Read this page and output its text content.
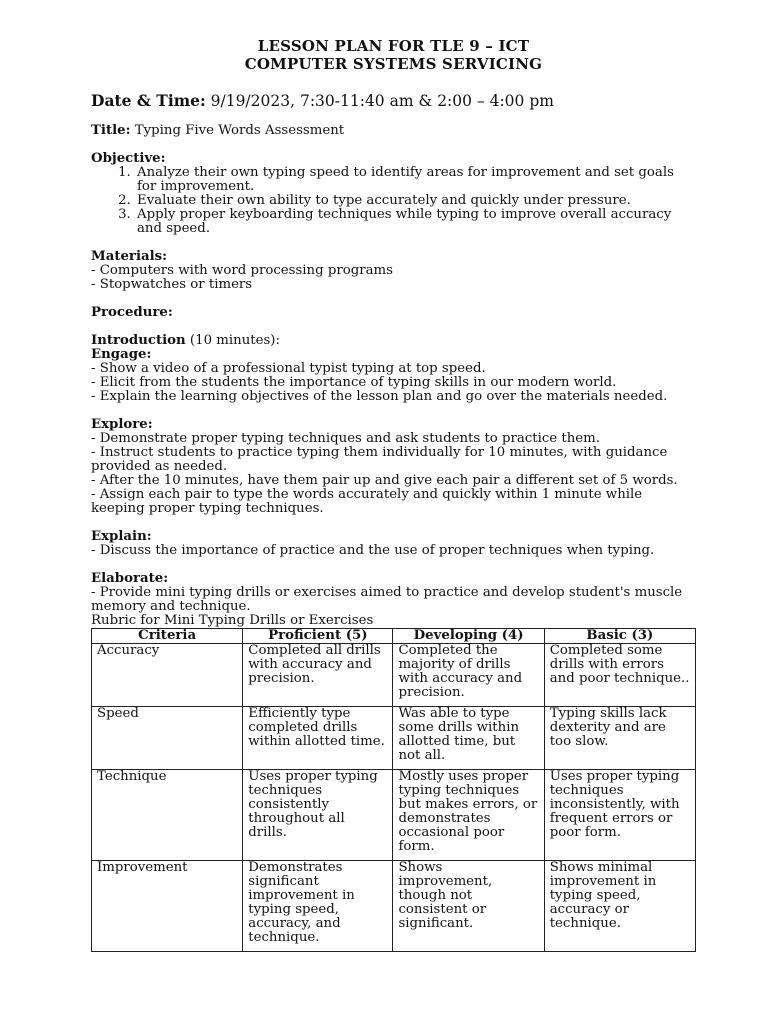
LESSON PLAN FOR TLE 9 – ICT
COMPUTER SYSTEMS SERVICING
Date & Time: 9/19/2023, 7:30-11:40 am & 2:00 – 4:00 pm

Title: Typing Five Words Assessment

Objective:

1. Analyze their own typing speed to identify areas for improvement and set goals for improvement.
2. Evaluate their own ability to type accurately and quickly under pressure.
3. Apply proper keyboarding techniques while typing to improve overall accuracy and speed.

Materials:

- Computers with word processing programs

- Stopwatches or timers

Procedure:

Introduction (10 minutes):

Engage:

- Show a video of a professional typist typing at top speed.

- Elicit from the students the importance of typing skills in our modern world.

- Explain the learning objectives of the lesson plan and go over the materials needed.

Explore:

- Demonstrate proper typing techniques and ask students to practice them.

- Instruct students to practice typing them individually for 10 minutes, with guidance provided as needed.

- After the 10 minutes, have them pair up and give each pair a different set of 5 words.

- Assign each pair to type the words accurately and quickly within 1 minute while keeping proper typing techniques.

Explain:

- Discuss the importance of practice and the use of proper techniques when typing.

Elaborate:

- Provide mini typing drills or exercises aimed to practice and develop student's muscle memory and technique.

Rubric for Mini Typing Drills or Exercises

Criteria	Proficient (5)	Developing (4)	Basic (3)
Accuracy	Completed all drills with accuracy and precision.	Completed the majority of drills with accuracy and precision.	Completed some drills with errors and poor technique..
Speed	Efficiently type completed drills within allotted time.	Was able to type some drills within allotted time, but not all.	Typing skills lack dexterity and are too slow.
Technique	Uses proper typing techniques consistently throughout all drills.	Mostly uses proper typing techniques but makes errors, or demonstrates occasional poor form.	Uses proper typing techniques inconsistently, with frequent errors or poor form.
Improvement	Demonstrates significant improvement in typing speed, accuracy, and technique.	Shows improvement, though not consistent or significant.	Shows minimal improvement in typing speed, accuracy or technique.
